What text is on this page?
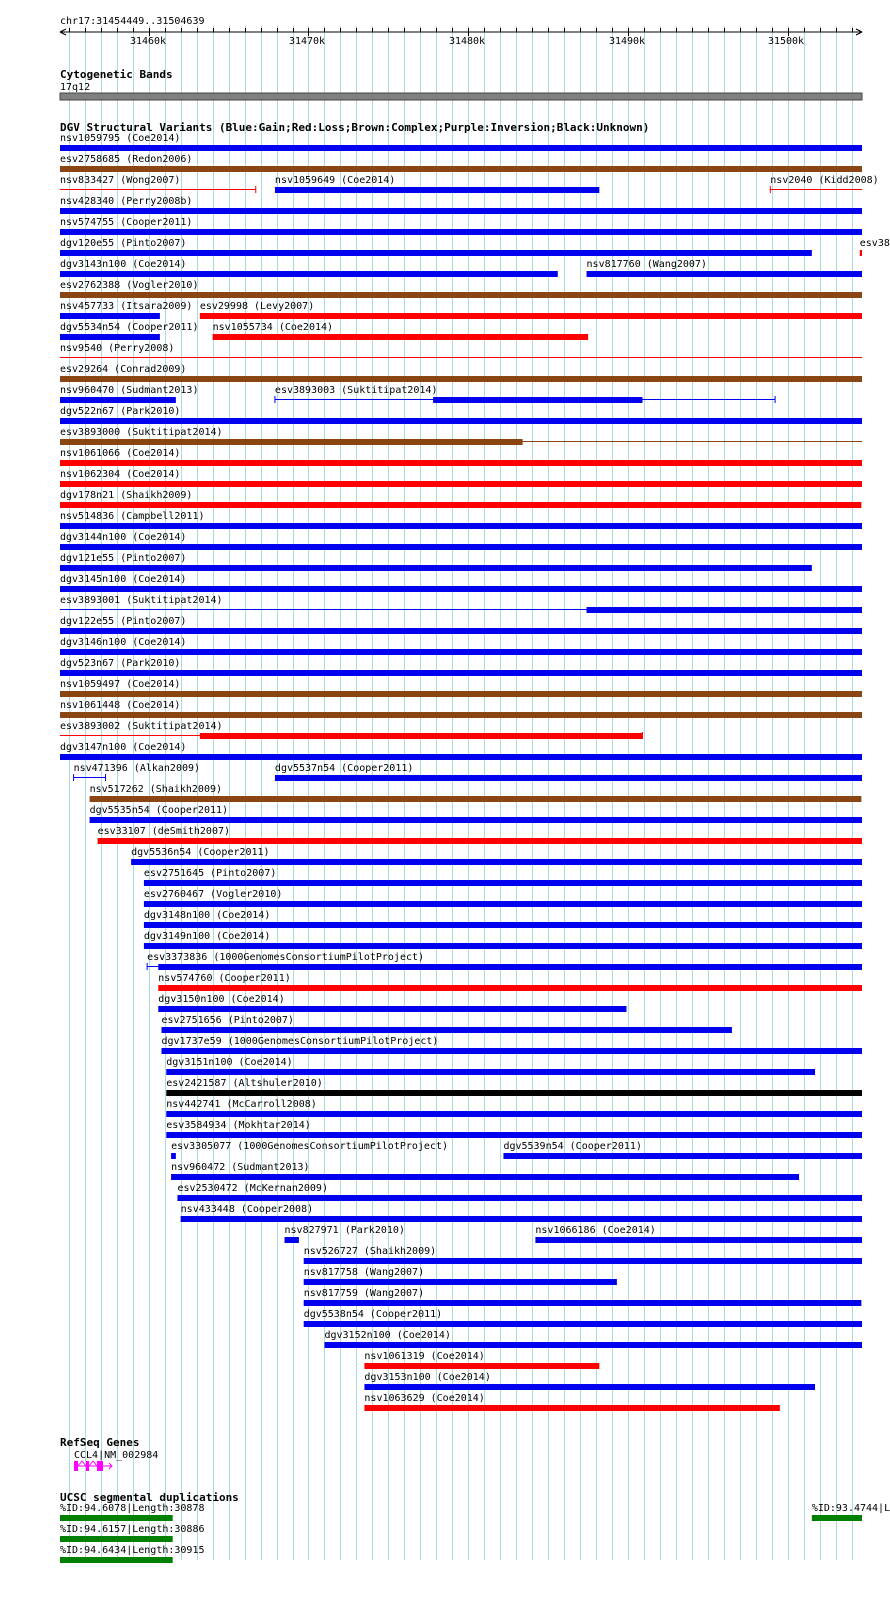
chr17:31454449..31504639
31460k	31470k	31480k	31490k	31500k
Cytogenetic Bands
17q12
DGV Structural Variants (Blue:Gain;Red:Loss;Brown:Complex;Purple:Inversion;Black:Unknown)
nsv1059795 (Coe2014)
esv2758685 (Redon2006)
nsv833427 (Wong2007)	nsv1059649 (Coe2014)	nsv2040 (Kidd2008)
nsv428340 (Perry2008b)
nsv574755 (Cooper2011)
dgv120e55 (Pinto2007)	esv38
dgv3143n100 (Coe2014)	nsv817760 (Wang2007)
esv2762388 (Vogler2010)
nsv457733 (Itsara2009) esv29998 (Levy2007)
dgv5534n54 (Cooper2011) nsv1055734 (Coe2014)
nsv9540 (Perry2008)
esv29264 (Conrad2009)
nsv960470 (Sudmant2013)	esv3893003 (Suktitipat2014)
dgv522n67 (Park2010)
esv3893000 (Suktitipat2014)
nsv1061066 (Coe2014)
nsv1062304 (Coe2014)
dgv178n21 (Shaikh2009)
nsv514836 (Campbell2011)
dgv3144n100 (Coe2014)
dgv121e55 (Pinto2007)
dgv3145n100 (Coe2014)
esv3893001 (Suktitipat2014)
dgv122e55 (Pinto2007)
dgv3146n100 (Coe2014)
dgv523n67 (Park2010)
nsv1059497 (Coe2014)
nsv1061448 (Coe2014)
esv3893002 (Suktitipat2014)
dgv3147n100 (Coe2014)
nsv471396 (Alkan2009)	dgv5537n54 (Cooper2011)
nsv517262 (Shaikh2009)
dgv5535n54 (Cooper2011)
esv33107 (deSmith2007)
dgv5536n54 (Cooper2011)
esv2751645 (Pinto2007)
esv2760467 (Vogler2010)
dgv3148n100 (Coe2014)
dgv3149n100 (Coe2014)
esv3373836 (1000GenomesConsortiumPilotProject)
nsv574760 (Cooper2011)
dgv3150n100 (Coe2014)
esv2751656 (Pinto2007)
dgv1737e59 (1000GenomesConsortiumPilotProject)
dgv3151n100 (Coe2014)
esv2421587 (Altshuler2010)
nsv442741 (McCarroll2008)
esv3584934 (Mokhtar2014)
esv3305077 (1000GenomesConsortiumPilotProject)	dgv5539n54 (Cooper2011)
nsv960472 (Sudmant2013)
esv2530472 (McKernan2009)
nsv433448 (Cooper2008)
nsv827971 (Park2010)	nsv1066186 (Coe2014)
nsv526727 (Shaikh2009)
nsv817758 (Wang2007)
nsv817759 (Wang2007)
dgv5538n54 (Cooper2011)
dgv3152n100 (Coe2014)
nsv1061319 (Coe2014)
dgv3153n100 (Coe2014)
nsv1063629 (Coe2014)
RefSeq Genes
CCL4|NM_002984
UCSC segmental duplications
%ID:94.6078|Length:30878	%ID:93.4744|L
%ID:94.6157|Length:30886
%ID:94.6434|Length:30915
